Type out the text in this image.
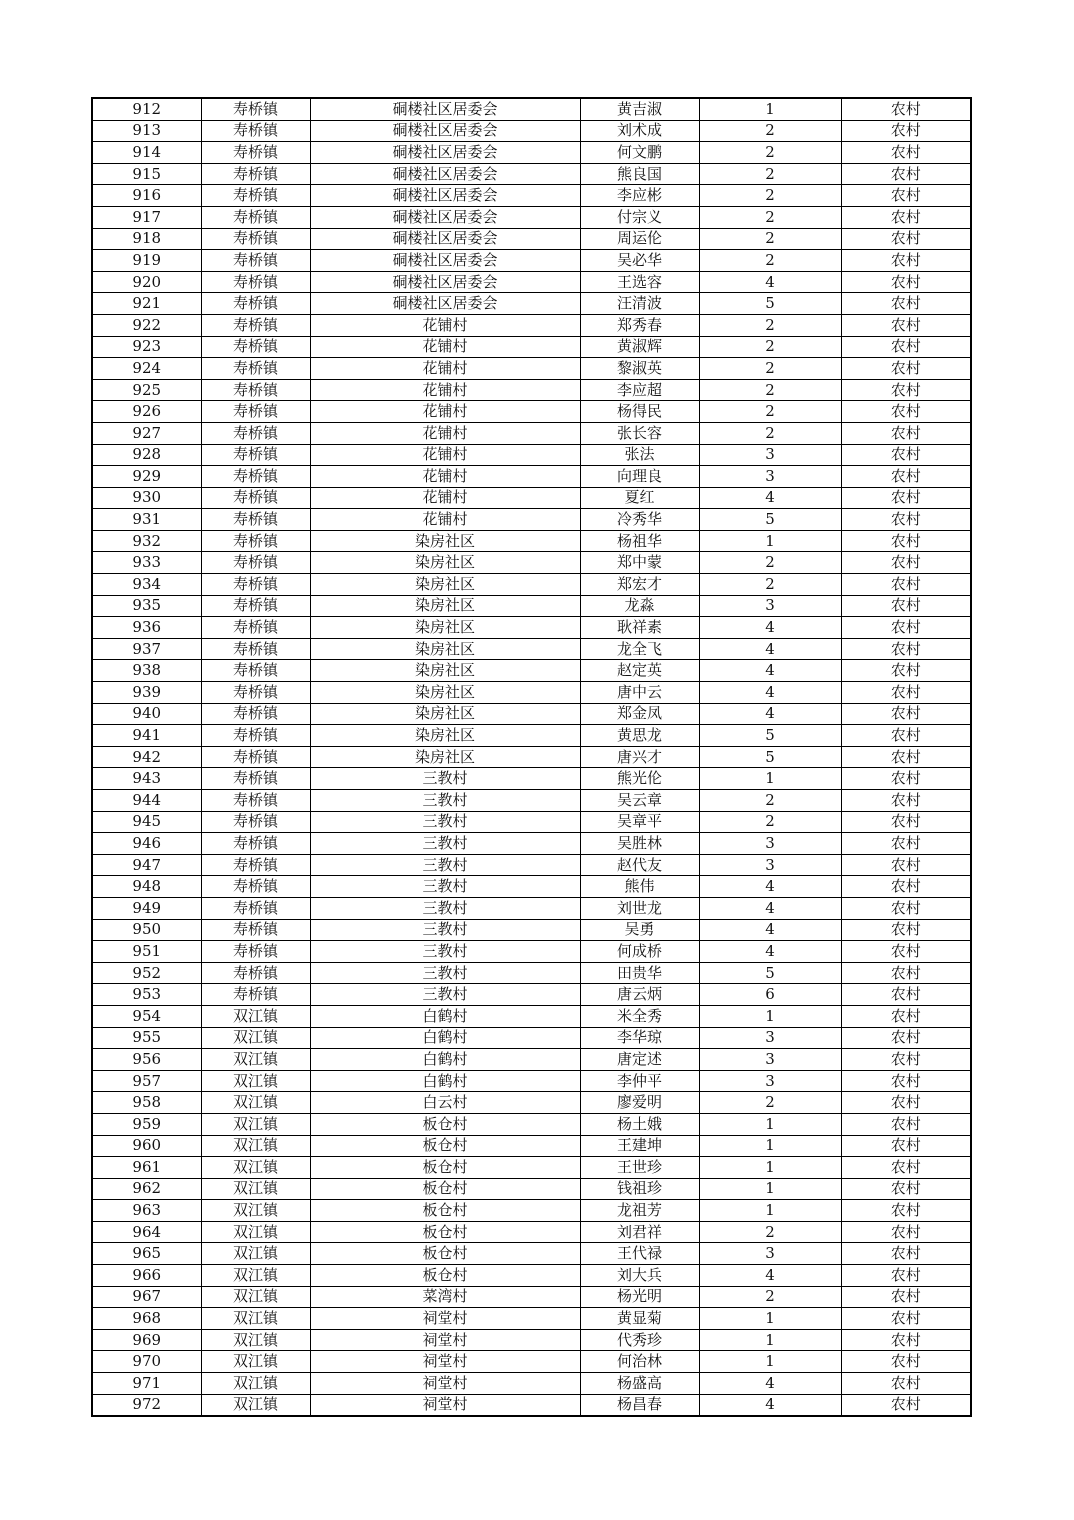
912	寿桥镇	硐楼社区居委会	黄吉淑	1	农村
913	寿桥镇	硐楼社区居委会	刘术成	2	农村
914	寿桥镇	硐楼社区居委会	何文鹏	2	农村
915	寿桥镇	硐楼社区居委会	熊良国	2	农村
916	寿桥镇	硐楼社区居委会	李应彬	2	农村
917	寿桥镇	硐楼社区居委会	付宗义	2	农村
918	寿桥镇	硐楼社区居委会	周运伦	2	农村
919	寿桥镇	硐楼社区居委会	吴必华	2	农村
920	寿桥镇	硐楼社区居委会	王选容	4	农村
921	寿桥镇	硐楼社区居委会	汪清波	5	农村
922	寿桥镇	花铺村	郑秀春	2	农村
923	寿桥镇	花铺村	黄淑辉	2	农村
924	寿桥镇	花铺村	黎淑英	2	农村
925	寿桥镇	花铺村	李应超	2	农村
926	寿桥镇	花铺村	杨得民	2	农村
927	寿桥镇	花铺村	张长容	2	农村
928	寿桥镇	花铺村	张法	3	农村
929	寿桥镇	花铺村	向理良	3	农村
930	寿桥镇	花铺村	夏红	4	农村
931	寿桥镇	花铺村	冷秀华	5	农村
932	寿桥镇	染房社区	杨祖华	1	农村
933	寿桥镇	染房社区	郑中蒙	2	农村
934	寿桥镇	染房社区	郑宏才	2	农村
935	寿桥镇	染房社区	龙淼	3	农村
936	寿桥镇	染房社区	耿祥素	4	农村
937	寿桥镇	染房社区	龙全飞	4	农村
938	寿桥镇	染房社区	赵定英	4	农村
939	寿桥镇	染房社区	唐中云	4	农村
940	寿桥镇	染房社区	郑金凤	4	农村
941	寿桥镇	染房社区	黄思龙	5	农村
942	寿桥镇	染房社区	唐兴才	5	农村
943	寿桥镇	三教村	熊光伦	1	农村
944	寿桥镇	三教村	吴云章	2	农村
945	寿桥镇	三教村	吴章平	2	农村
946	寿桥镇	三教村	吴胜林	3	农村
947	寿桥镇	三教村	赵代友	3	农村
948	寿桥镇	三教村	熊伟	4	农村
949	寿桥镇	三教村	刘世龙	4	农村
950	寿桥镇	三教村	吴勇	4	农村
951	寿桥镇	三教村	何成桥	4	农村
952	寿桥镇	三教村	田贵华	5	农村
953	寿桥镇	三教村	唐云炳	6	农村
954	双江镇	白鹤村	米全秀	1	农村
955	双江镇	白鹤村	李华琼	3	农村
956	双江镇	白鹤村	唐定述	3	农村
957	双江镇	白鹤村	李仲平	3	农村
958	双江镇	白云村	廖爱明	2	农村
959	双江镇	板仓村	杨土娥	1	农村
960	双江镇	板仓村	王建坤	1	农村
961	双江镇	板仓村	王世珍	1	农村
962	双江镇	板仓村	钱祖珍	1	农村
963	双江镇	板仓村	龙祖芳	1	农村
964	双江镇	板仓村	刘君祥	2	农村
965	双江镇	板仓村	王代禄	3	农村
966	双江镇	板仓村	刘大兵	4	农村
967	双江镇	菜湾村	杨光明	2	农村
968	双江镇	祠堂村	黄显菊	1	农村
969	双江镇	祠堂村	代秀珍	1	农村
970	双江镇	祠堂村	何治林	1	农村
971	双江镇	祠堂村	杨盛高	4	农村
972	双江镇	祠堂村	杨昌春	4	农村
